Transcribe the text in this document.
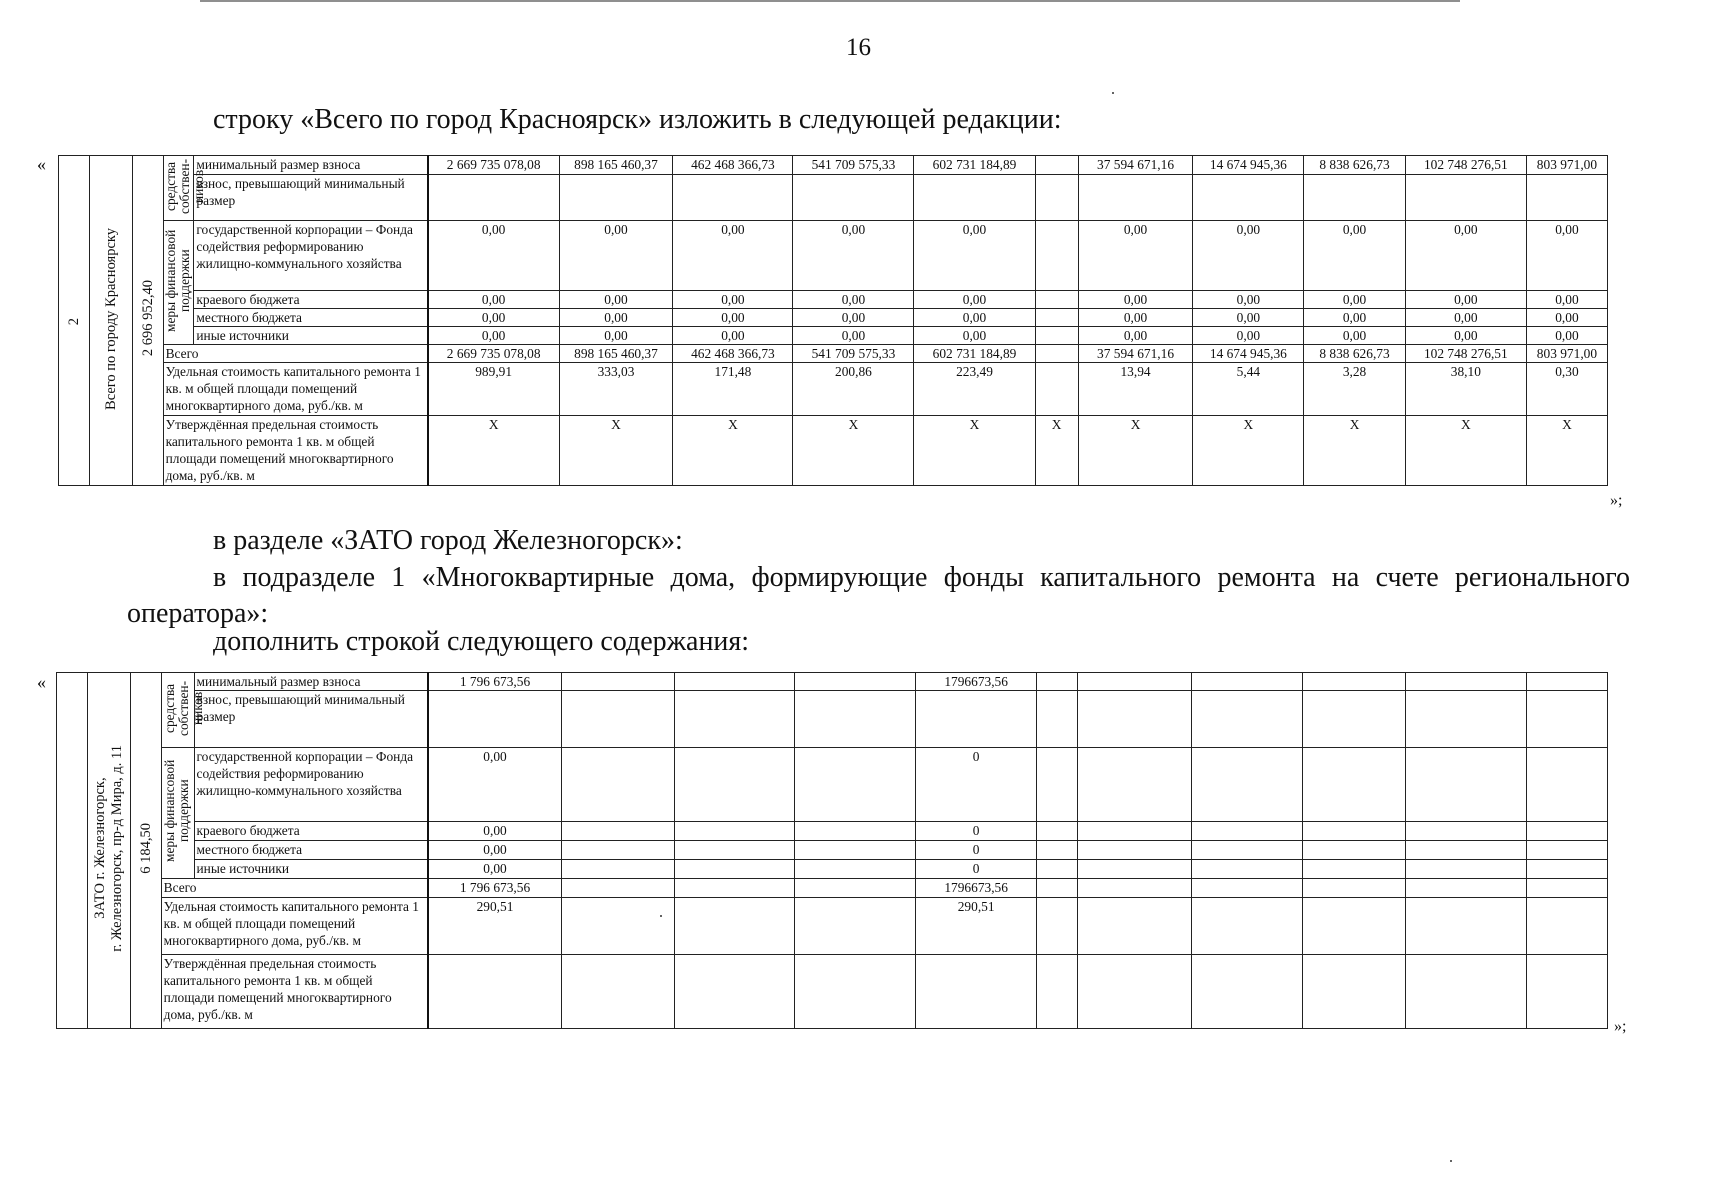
16
строку «Всего по город Красноярск» изложить в следующей редакции:
«
2	Всего по городу Красноярску	2 696 952,40	средства собствен-ников	минимальный размер взноса	2 669 735 078,08	898 165 460,37	462 468 366,73	541 709 575,33	602 731 184,89		37 594 671,16	14 674 945,36	8 838 626,73	102 748 276,51	803 971,00
				взнос, превышающий минимальный размер											
			меры финансовой поддержки	государственной корпорации – Фонда содействия реформированию жилищно-коммунального хозяйства	0,00	0,00	0,00	0,00	0,00		0,00	0,00	0,00	0,00	0,00
				краевого бюджета	0,00	0,00	0,00	0,00	0,00		0,00	0,00	0,00	0,00	0,00
				местного бюджета	0,00	0,00	0,00	0,00	0,00		0,00	0,00	0,00	0,00	0,00
				иные источники	0,00	0,00	0,00	0,00	0,00		0,00	0,00	0,00	0,00	0,00
			Всего		2 669 735 078,08	898 165 460,37	462 468 366,73	541 709 575,33	602 731 184,89		37 594 671,16	14 674 945,36	8 838 626,73	102 748 276,51	803 971,00
			Удельная стоимость капитального ремонта 1 кв. м общей площади помещений многоквартирного дома, руб./кв. м		989,91	333,03	171,48	200,86	223,49		13,94	5,44	3,28	38,10	0,30
			Утверждённая предельная стоимость капитального ремонта 1 кв. м общей площади помещений многоквартирного дома, руб./кв. м		X	X	X	X	X	X	X	X	X	X	X
»;
в разделе «ЗАТО город Железногорск»:
в подразделе 1 «Многоквартирные дома, формирующие фонды капитального ремонта на счете регионального
оператора»:
дополнить строкой следующего содержания:
«
	ЗАТО г. Железногорск,
г. Железногорск, пр-д Мира, д. 11	6 184,50	средства собствен-ников	минимальный размер взноса	1 796 673,56				1796673,56						
				взнос, превышающий минимальный размер											
			меры финансовой поддержки	государственной корпорации – Фонда содействия реформированию жилищно-коммунального хозяйства	0,00				0						
				краевого бюджета	0,00				0						
				местного бюджета	0,00				0						
				иные источники	0,00				0						
			Всего		1 796 673,56				1796673,56						
			Удельная стоимость капитального ремонта 1 кв. м общей площади помещений многоквартирного дома, руб./кв. м		290,51				290,51						
			Утверждённая предельная стоимость капитального ремонта 1 кв. м общей площади помещений многоквартирного дома, руб./кв. м												
»;
